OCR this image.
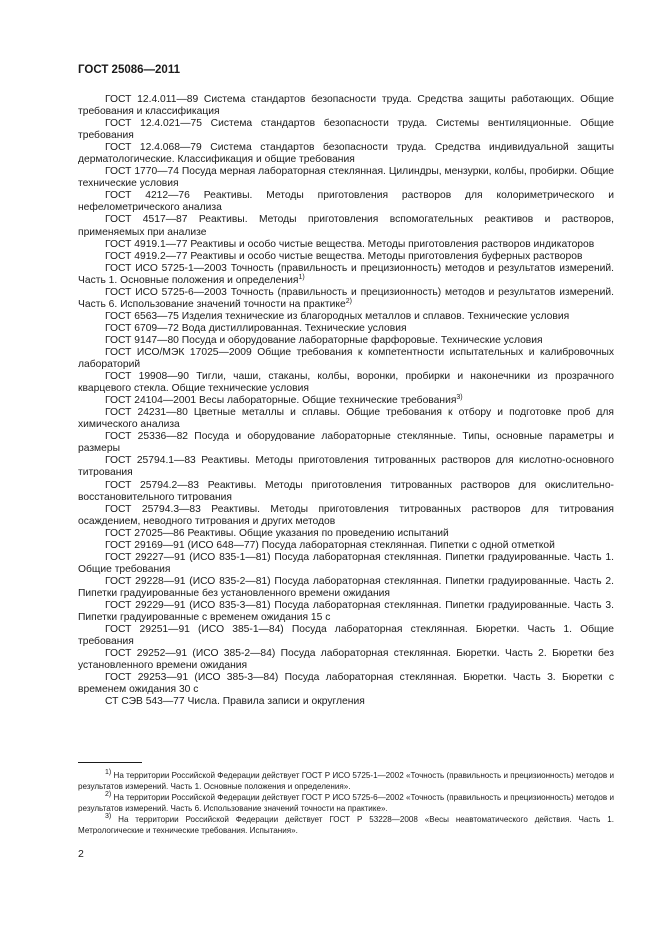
ГОСТ 25086—2011

ГОСТ 12.4.011—89 Система стандартов безопасности труда. Средства защиты работающих. Общие требования и классификация

ГОСТ 12.4.021—75 Система стандартов безопасности труда. Системы вентиляционные. Общие требования

ГОСТ 12.4.068—79 Система стандартов безопасности труда. Средства индивидуальной защиты дерматологические. Классификация и общие требования

ГОСТ 1770—74 Посуда мерная лабораторная стеклянная. Цилиндры, мензурки, колбы, пробирки. Общие технические условия

ГОСТ 4212—76 Реактивы. Методы приготовления растворов для колориметрического и нефелометрического анализа

ГОСТ 4517—87 Реактивы. Методы приготовления вспомогательных реактивов и растворов, применяемых при анализе

ГОСТ 4919.1—77 Реактивы и особо чистые вещества. Методы приготовления растворов индикаторов

ГОСТ 4919.2—77 Реактивы и особо чистые вещества. Методы приготовления буферных растворов

ГОСТ ИСО 5725-1—2003 Точность (правильность и прецизионность) методов и результатов измерений. Часть 1. Основные положения и определения$^{1)}$

ГОСТ ИСО 5725-6—2003 Точность (правильность и прецизионность) методов и результатов измерений. Часть 6. Использование значений точности на практике$^{2)}$

ГОСТ 6563—75 Изделия технические из благородных металлов и сплавов. Технические условия

ГОСТ 6709—72 Вода дистиллированная. Технические условия

ГОСТ 9147—80 Посуда и оборудование лабораторные фарфоровые. Технические условия

ГОСТ ИСО/МЭК 17025—2009 Общие требования к компетентности испытательных и калибровочных лабораторий

ГОСТ 19908—90 Тигли, чаши, стаканы, колбы, воронки, пробирки и наконечники из прозрачного кварцевого стекла. Общие технические условия

ГОСТ 24104—2001 Весы лабораторные. Общие технические требования$^{3)}$

ГОСТ 24231—80 Цветные металлы и сплавы. Общие требования к отбору и подготовке проб для химического анализа

ГОСТ 25336—82 Посуда и оборудование лабораторные стеклянные. Типы, основные параметры и размеры

ГОСТ 25794.1—83 Реактивы. Методы приготовления титрованных растворов для кислотно-основного титрования

ГОСТ 25794.2—83 Реактивы. Методы приготовления титрованных растворов для окислительно-восстановительного титрования

ГОСТ 25794.3—83 Реактивы. Методы приготовления титрованных растворов для титрования осаждением, неводного титрования и других методов

ГОСТ 27025—86 Реактивы. Общие указания по проведению испытаний

ГОСТ 29169—91 (ИСО 648—77) Посуда лабораторная стеклянная. Пипетки с одной отметкой

ГОСТ 29227—91 (ИСО 835-1—81) Посуда лабораторная стеклянная. Пипетки градуированные. Часть 1. Общие требования

ГОСТ 29228—91 (ИСО 835-2—81) Посуда лабораторная стеклянная. Пипетки градуированные. Часть 2. Пипетки градуированные без установленного времени ожидания

ГОСТ 29229—91 (ИСО 835-3—81) Посуда лабораторная стеклянная. Пипетки градуированные. Часть 3. Пипетки градуированные с временем ожидания 15 с

ГОСТ 29251—91 (ИСО 385-1—84) Посуда лабораторная стеклянная. Бюретки. Часть 1. Общие требования

ГОСТ 29252—91 (ИСО 385-2—84) Посуда лабораторная стеклянная. Бюретки. Часть 2. Бюретки без установленного времени ожидания

ГОСТ 29253—91 (ИСО 385-3—84) Посуда лабораторная стеклянная. Бюретки. Часть 3. Бюретки с временем ожидания 30 с

СТ СЭВ 543—77 Числа. Правила записи и округления

$^{1)}$ На территории Российской Федерации действует ГОСТ Р ИСО 5725-1—2002 «Точность (правильность и прецизионность) методов и результатов измерений. Часть 1. Основные положения и определения».

$^{2)}$ На территории Российской Федерации действует ГОСТ Р ИСО 5725-6—2002 «Точность (правильность и прецизионность) методов и результатов измерений. Часть 6. Использование значений точности на практике».

$^{3)}$ На территории Российской Федерации действует ГОСТ Р 53228—2008 «Весы неавтоматического действия. Часть 1. Метрологические и технические требования. Испытания».

2
